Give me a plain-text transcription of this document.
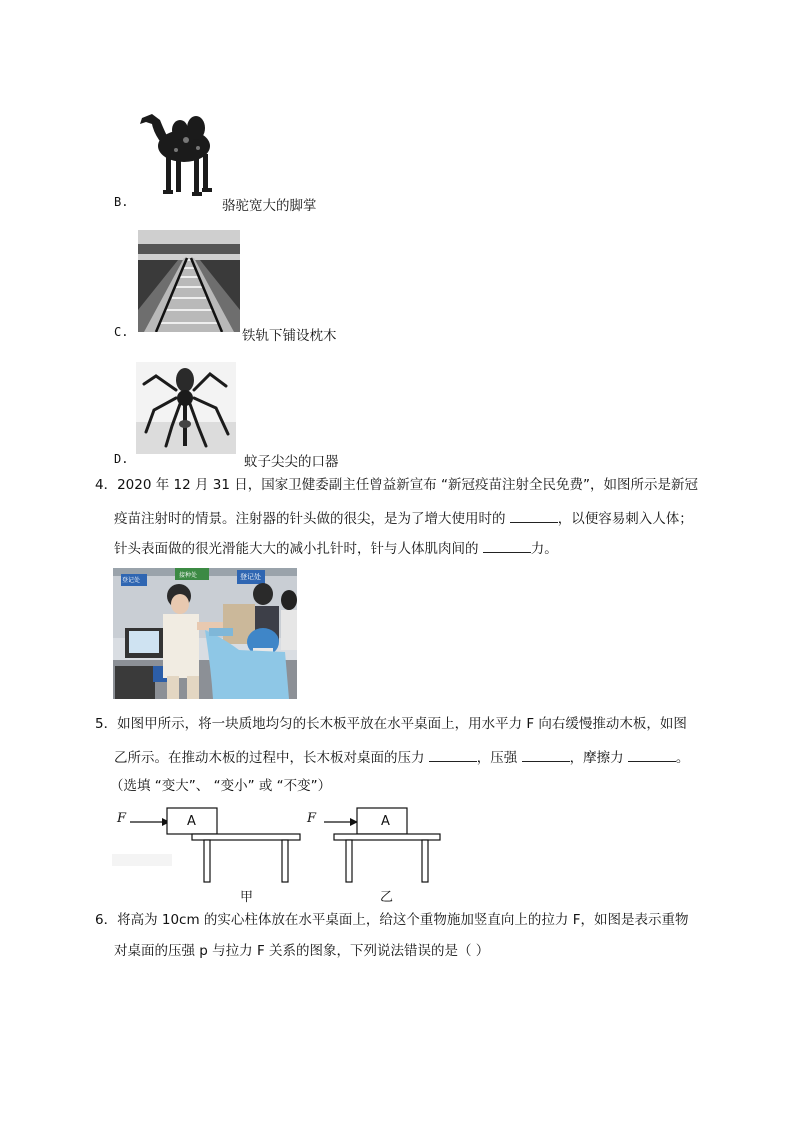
B.	骆驼宽大的脚掌
C.	铁轨下铺设枕木
D.	蚊子尖尖的口器
4．2020 年 12 月 31 日，国家卫健委副主任曾益新宣布 “新冠疫苗注射全民免费”，如图所示是新冠
疫苗注射时的情景。注射器的针头做的很尖，是为了增大使用时的	，以便容易刺入人体；
针头表面做的很光滑能大大的减小扎针时，针与人体肌肉间的	力。
登记处
接种处	登记处
5．如图甲所示，将一块质地均匀的长木板平放在水平桌面上，用水平力 F 向右缓慢推动木板，如图
乙所示。在推动木板的过程中，长木板对桌面的压力	，压强	，摩擦力	。
（选填 “变大”、 “变小” 或 “不变”）
F	A
甲
F	A
乙
6．将高为 10cm 的实心柱体放在水平桌面上，给这个重物施加竖直向上的拉力 F，如图是表示重物
对桌面的压强 p 与拉力 F 关系的图象，下列说法错误的是（ ）
